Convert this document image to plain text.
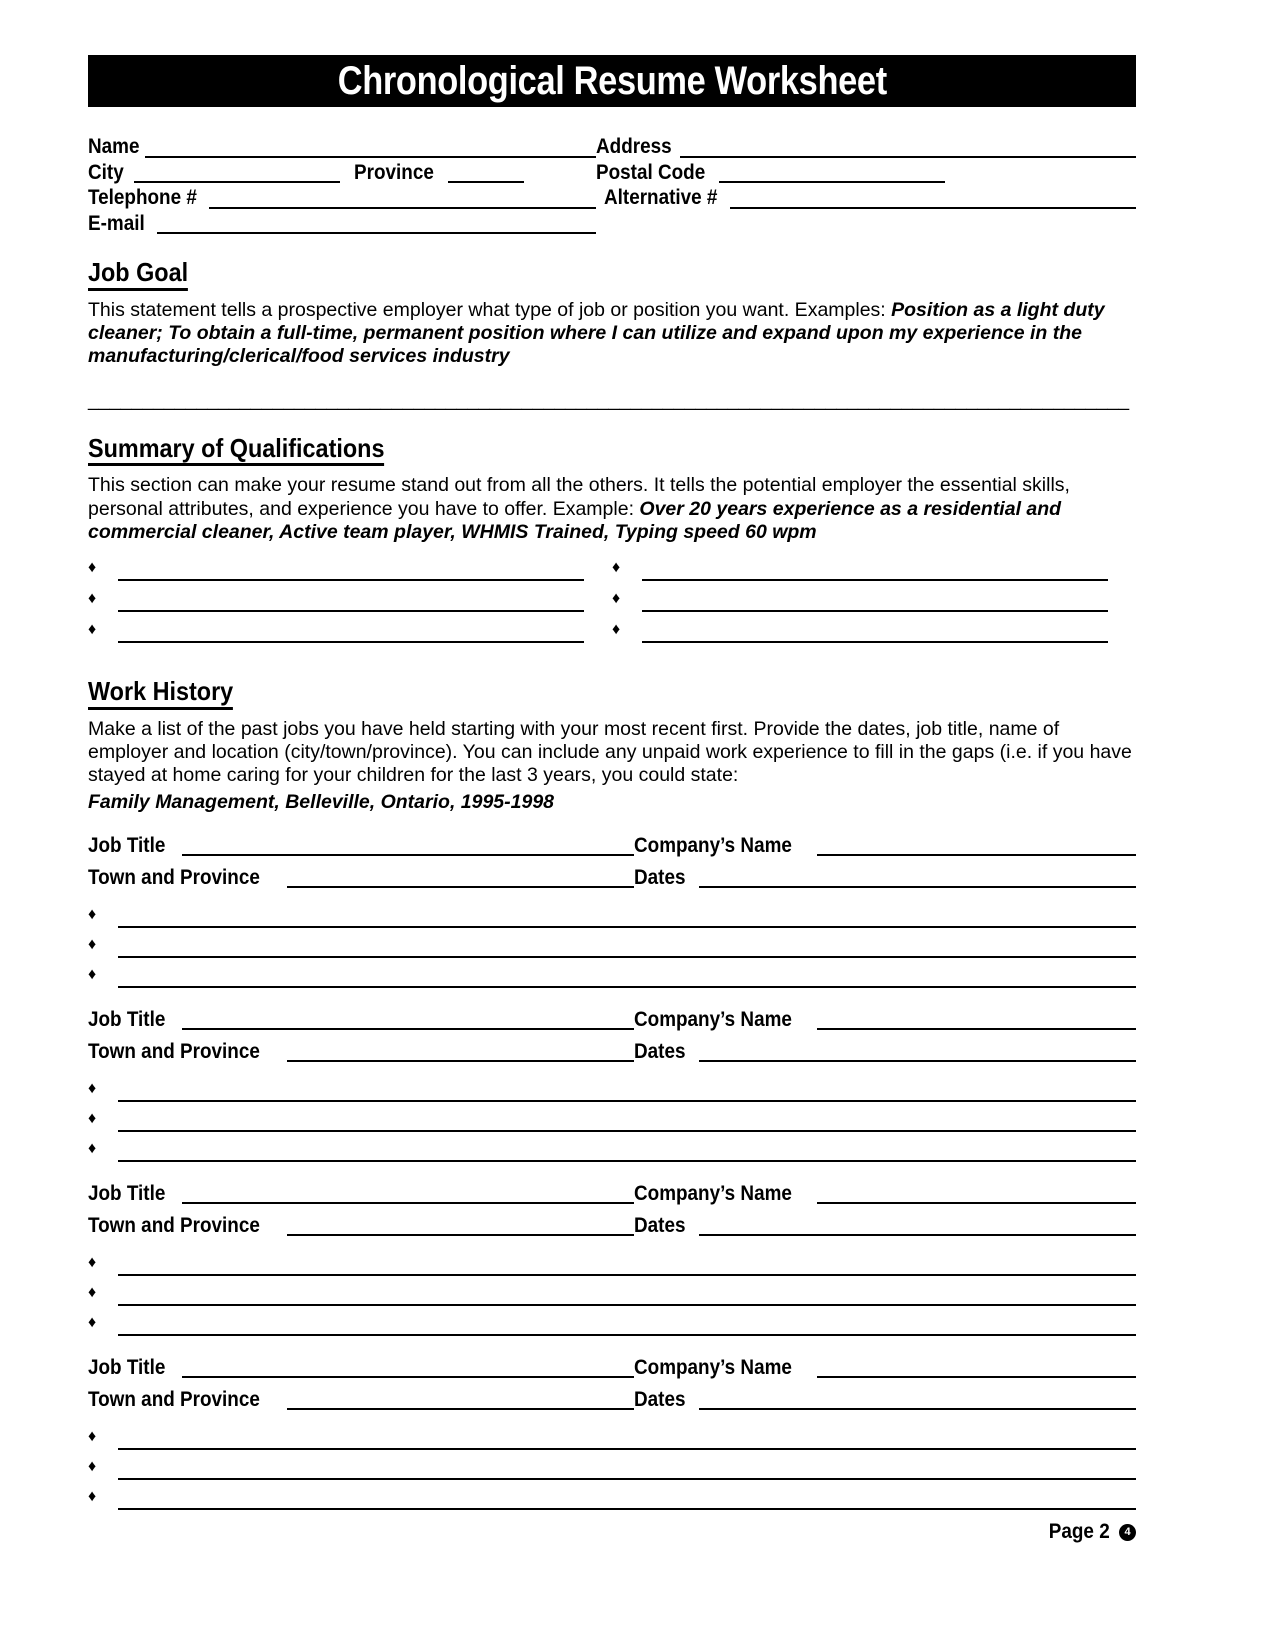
Chronological Resume Worksheet
Name	Address
City	Province	Postal Code
Telephone #	Alternative #
E-mail
Job Goal

This statement tells a prospective employer what type of job or position you want. Examples: Position as a light duty cleaner; To obtain a full-time, permanent position where I can utilize and expand upon my experience in the manufacturing/clerical/food services industry

________________________________________________________________________________________________
Summary of Qualifications

This section can make your resume stand out from all the others. It tells the potential employer the essential skills, personal attributes, and experience you have to offer. Example: Over 20 years experience as a residential and commercial cleaner, Active team player, WHMIS Trained, Typing speed 60 wpm

♦
♦
♦
♦
♦
♦
Work History

Make a list of the past jobs you have held starting with your most recent first. Provide the dates, job title, name of employer and location (city/town/province). You can include any unpaid work experience to fill in the gaps (i.e. if you have stayed at home caring for your children for the last 3 years, you could state:

Family Management, Belleville, Ontario, 1995-1998

Job Title	Company’s Name
Town and Province	Dates
♦
♦
♦
Job Title	Company’s Name
Town and Province	Dates
♦
♦
♦
Job Title	Company’s Name
Town and Province	Dates
♦
♦
♦
Job Title	Company’s Name
Town and Province	Dates
♦
♦
♦
Page 2	4
